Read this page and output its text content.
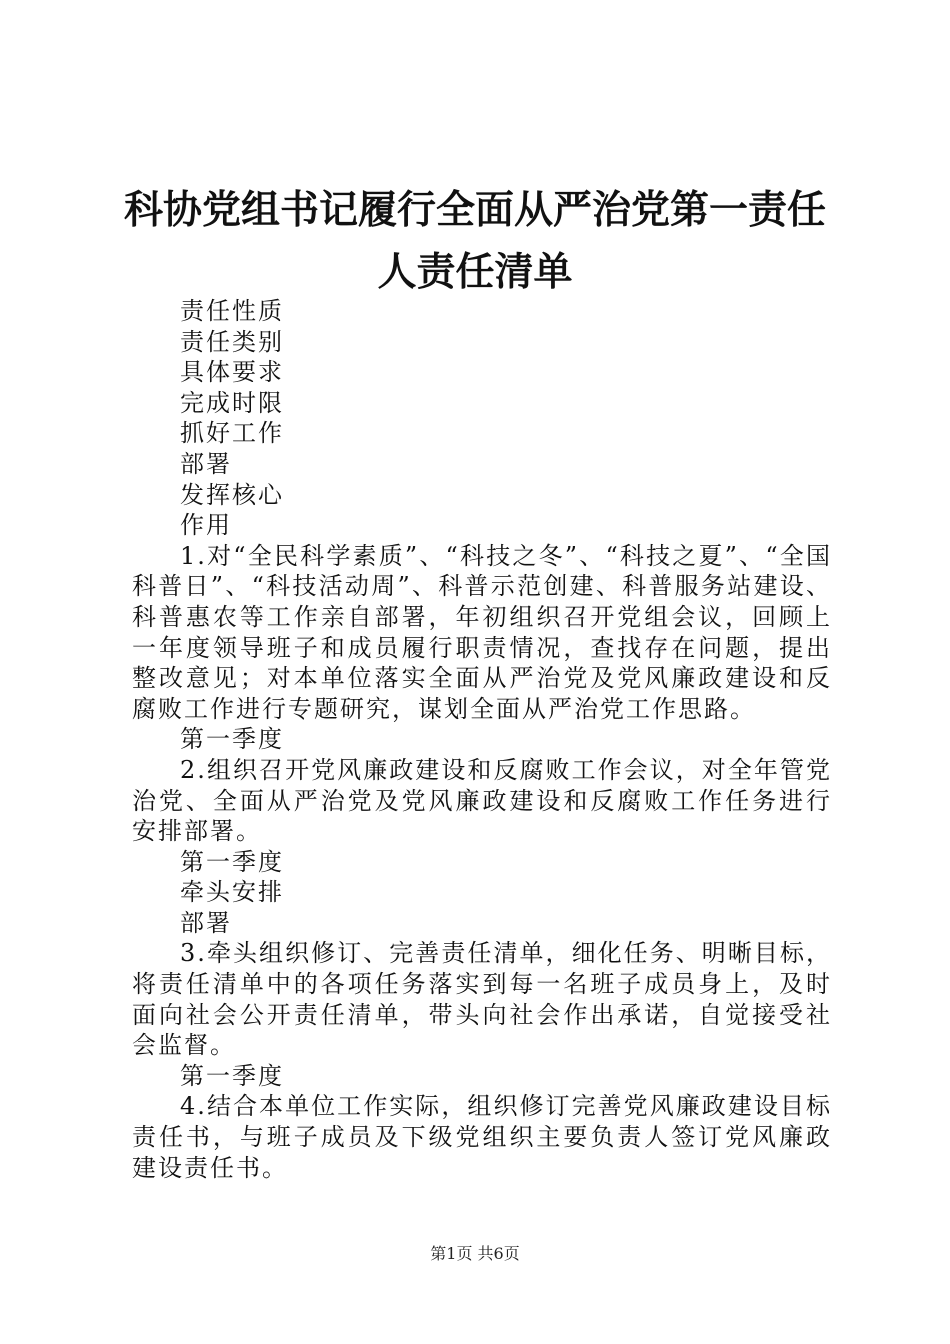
科协党组书记履行全面从严治党第一责任人责任清单

责任性质

责任类别

具体要求

完成时限

抓好工作

部署

发挥核心

作用

1.对“全民科学素质”、“科技之冬”、“科技之夏”、“全国科普日”、“科技活动周”、科普示范创建、科普服务站建设、科普惠农等工作亲自部署，年初组织召开党组会议，回顾上一年度领导班子和成员履行职责情况，查找存在问题，提出整改意见；对本单位落实全面从严治党及党风廉政建设和反腐败工作进行专题研究，谋划全面从严治党工作思路。

第一季度

2.组织召开党风廉政建设和反腐败工作会议，对全年管党治党、全面从严治党及党风廉政建设和反腐败工作任务进行安排部署。

第一季度

牵头安排

部署

3.牵头组织修订、完善责任清单，细化任务、明晰目标，将责任清单中的各项任务落实到每一名班子成员身上，及时面向社会公开责任清单，带头向社会作出承诺，自觉接受社会监督。

第一季度

4.结合本单位工作实际，组织修订完善党风廉政建设目标责任书，与班子成员及下级党组织主要负责人签订党风廉政建设责任书。

第1页 共6页
